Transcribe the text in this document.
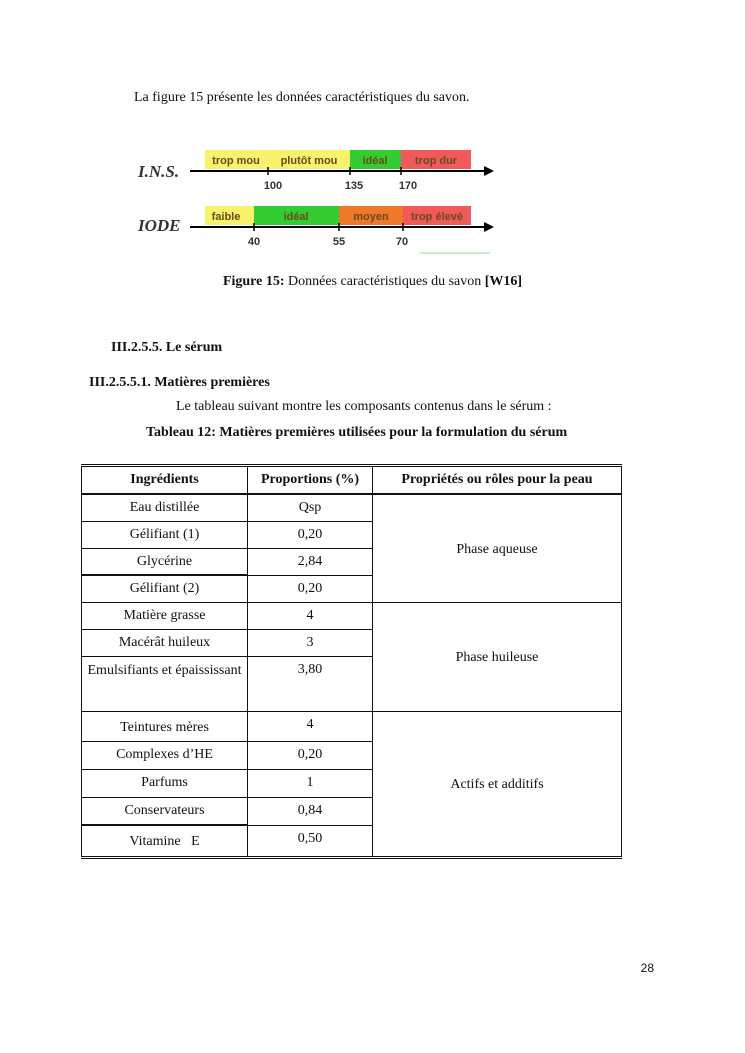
La figure 15 présente les données caractéristiques du savon.
I.N.S.
trop mou plutôt mou idéal trop dur
100	135	170
IODE	faible	idéal	moyen trop élevé
40	55	70
Figure 15: Données caractéristiques du savon [W16]
III.2.5.5. Le sérum
III.2.5.5.1. Matières premières
Le tableau suivant montre les composants contenus dans le sérum :
Tableau 12: Matières premières utilisées pour la formulation du sérum
Ingrédients	Proportions (%)	Propriétés ou rôles pour la peau
Eau distillée	Qsp	Phase aqueuse
Gélifiant (1)	0,20	
Glycérine	2,84	
Gélifiant (2)	0,20	
Matière grasse	4	Phase huileuse
Macérât huileux	3	
Emulsifiants et épaississant	3,80	
Teintures mères	4	Actifs et additifs
Complexes d’HE	0,20	
Parfums	1	
Conservateurs	0,84	
Vitamine   E	0,50	
28
